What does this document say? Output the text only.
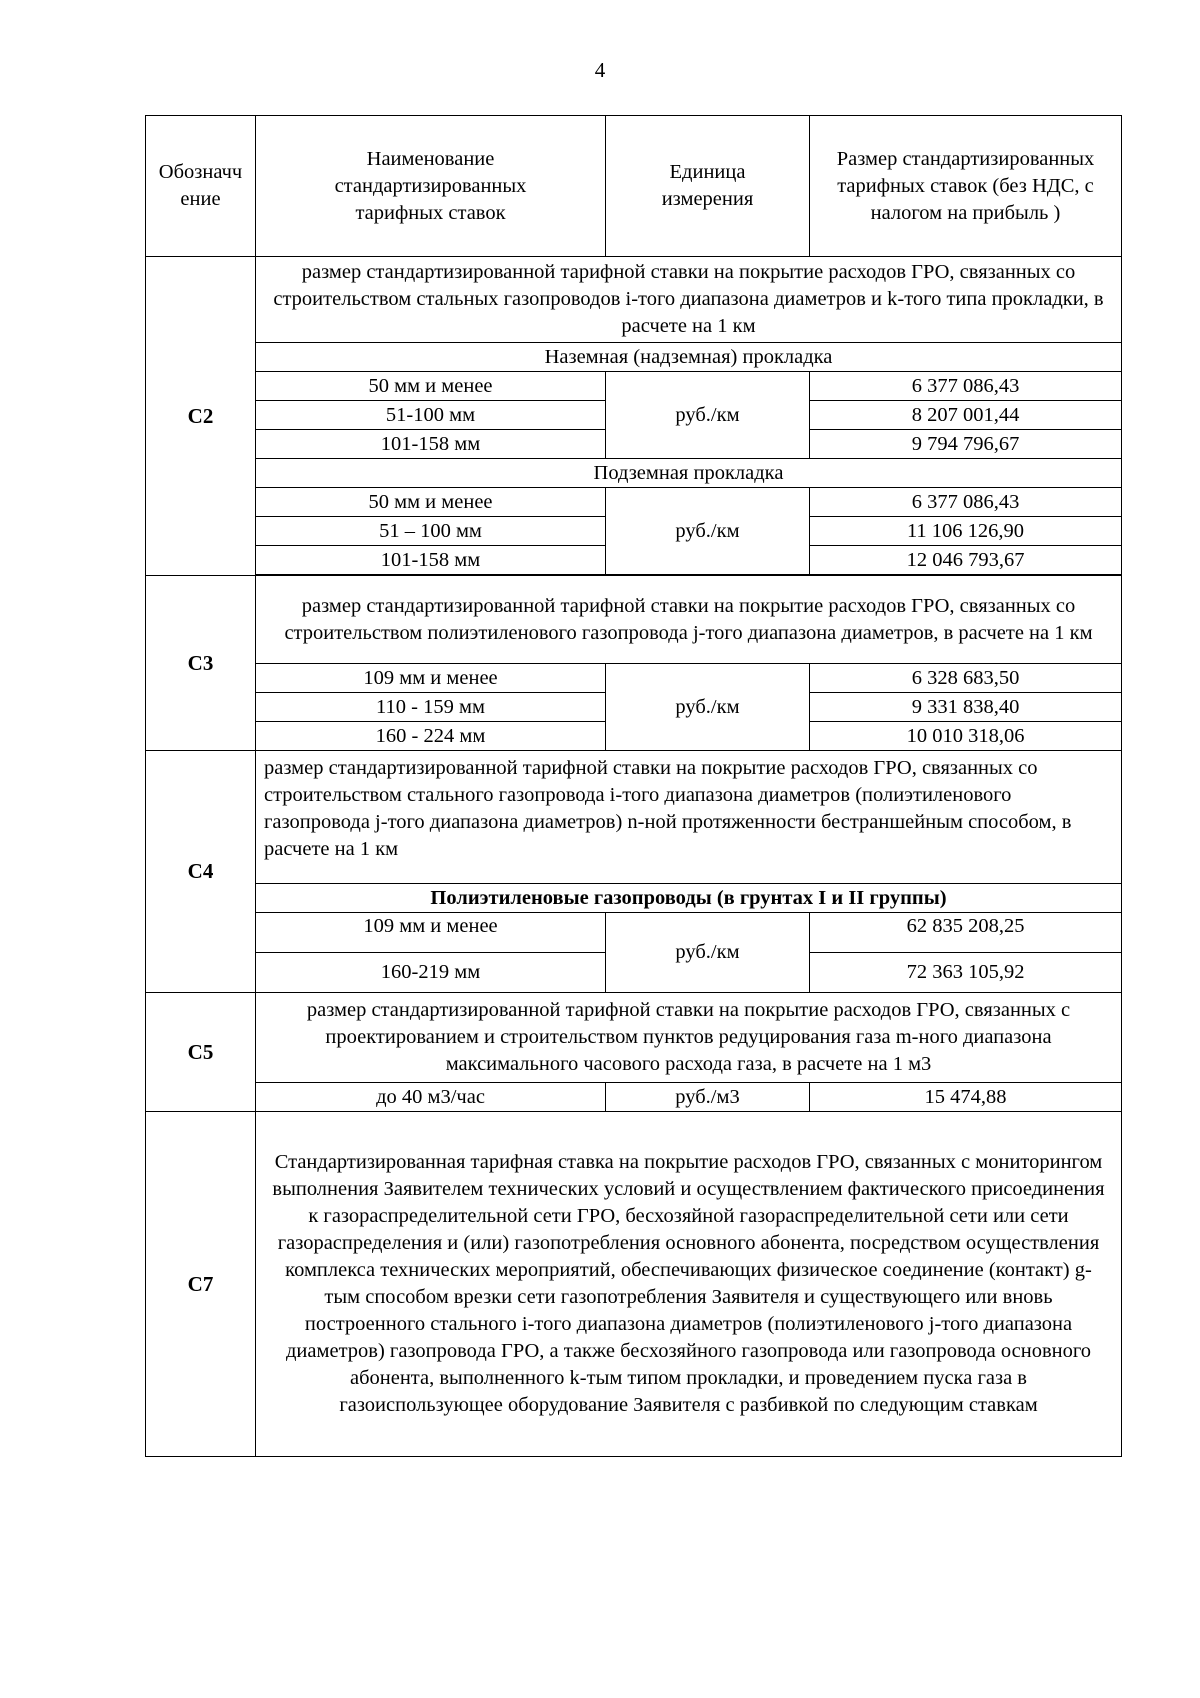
4
Обозначч
ение	Наименование стандартизированных тарифных ставок	Единица измерения	Размер стандартизированных тарифных ставок (без НДС, с налогом на прибыль )
С2	размер стандартизированной тарифной ставки на покрытие расходов ГРО, связанных со строительством стальных газопроводов i-того диапазона диаметров и k-того типа прокладки, в расчете на 1 км		
	Наземная (надземная) прокладка		
	50 мм и менее	руб./км	6 377 086,43
	51-100 мм		8 207 001,44
	101-158 мм		9 794 796,67
	Подземная прокладка		
	50 мм и менее	руб./км	6 377 086,43
	51 – 100 мм		11 106 126,90
	101-158 мм		12 046 793,67

С3	размер стандартизированной тарифной ставки на покрытие расходов ГРО, связанных со строительством полиэтиленового газопровода j-того диапазона диаметров, в расчете на 1 км		
	109 мм и менее	руб./км	6 328 683,50
	110 - 159 мм		9 331 838,40
	160 - 224 мм		10 010 318,06
С4	размер стандартизированной тарифной ставки на покрытие расходов ГРО, связанных со строительством стального газопровода i-того диапазона диаметров (полиэтиленового газопровода j-того диапазона диаметров) n-ной протяженности бестраншейным способом, в расчете на 1 км		
	Полиэтиленовые газопроводы (в грунтах I и II группы)		
	109 мм и менее	руб./км	62 835 208,25
	160-219 мм		72 363 105,92
С5	размер стандартизированной тарифной ставки на покрытие расходов ГРО, связанных с проектированием и строительством пунктов редуцирования газа m-ного диапазона максимального часового расхода газа, в расчете на 1 м3		
	до 40 м3/час	руб./м3	15 474,88
С7	Стандартизированная тарифная ставка на покрытие расходов ГРО, связанных с мониторингом выполнения Заявителем технических условий и осуществлением фактического присоединения к газораспределительной сети ГРО, бесхозяйной газораспределительной сети или сети газораспределения и (или) газопотребления основного абонента, посредством осуществления комплекса технических мероприятий, обеспечивающих физическое соединение (контакт) g-тым способом врезки сети газопотребления Заявителя и существующего или вновь построенного стального i-того диапазона диаметров (полиэтиленового j-того диапазона диаметров) газопровода ГРО, а также бесхозяйного газопровода или газопровода основного абонента, выполненного k-тым типом прокладки, и проведением пуска газа в газоиспользующее оборудование Заявителя с разбивкой по следующим ставкам		
